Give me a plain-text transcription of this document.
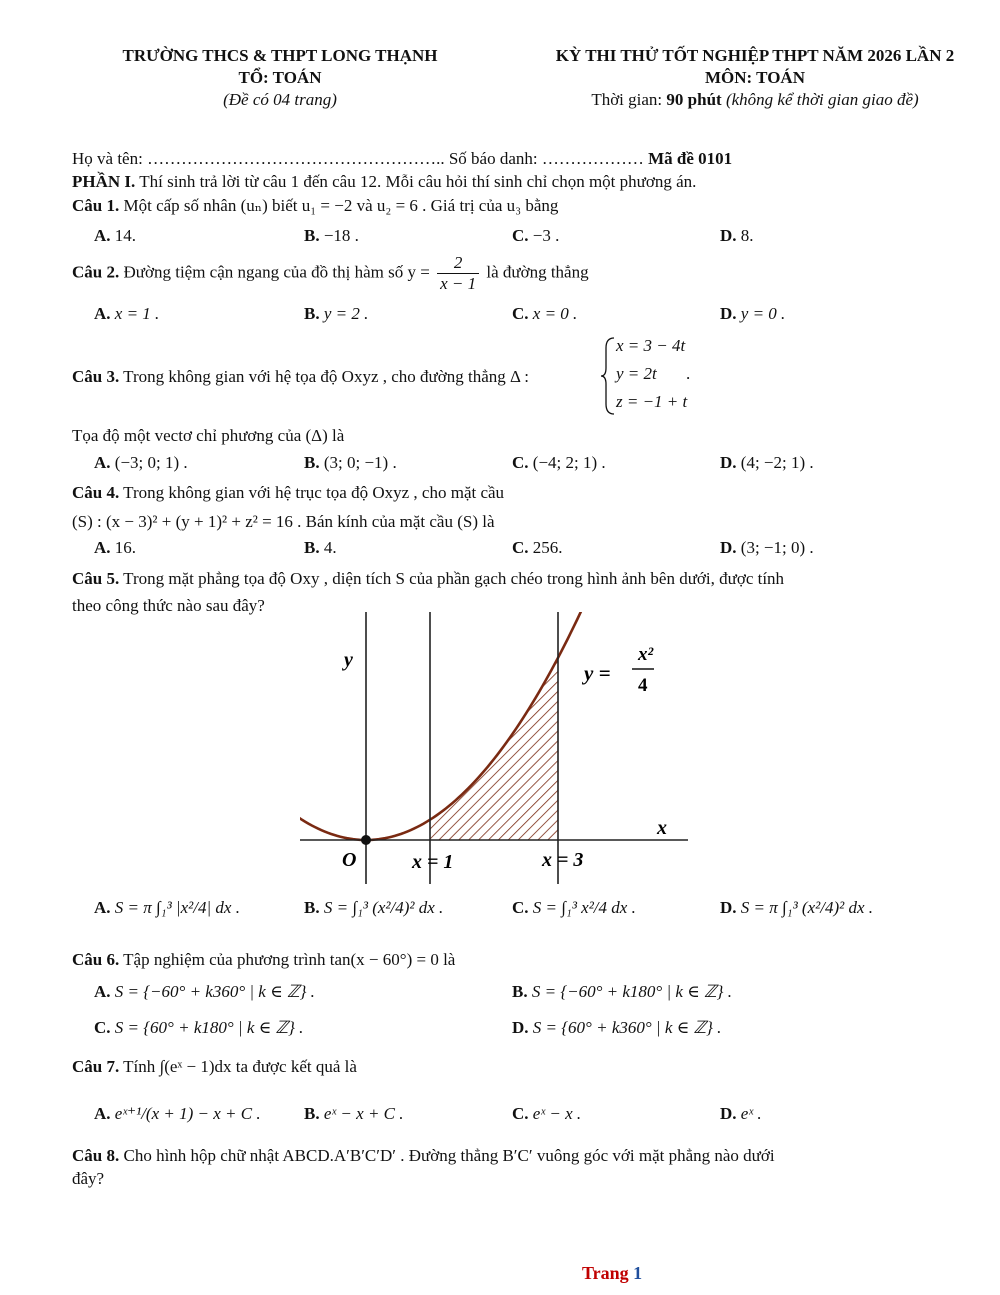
TRƯỜNG THCS & THPT LONG THẠNH
TỔ: TOÁN
(Đề có 04 trang)
KỲ THI THỬ TỐT NGHIỆP THPT NĂM 2026 LẦN 2
MÔN: TOÁN
Thời gian: 90 phút (không kể thời gian giao đề)
Họ và tên: …………………………………………….. Số báo danh: ……………… Mã đề 0101
PHẦN I. Thí sinh trả lời từ câu 1 đến câu 12. Mỗi câu hỏi thí sinh chỉ chọn một phương án.
Câu 1. Một cấp số nhân (uₙ) biết u₁ = −2 và u₂ = 6 . Giá trị của u₃ bằng
A. 14.	B. −18 .	C. −3 .	D. 8.
Câu 2. Đường tiệm cận ngang của đồ thị hàm số $y = \frac{2}{x - 1}$ là đường thẳng
A. x = 1 .	B. y = 2 .	C. x = 0 .	D. y = 0 .
Câu 3. Trong không gian với hệ tọa độ Oxyz , cho đường thẳng Δ :
x = 3 − 4t
y = 2t
z = −1 + t
.
Tọa độ một vectơ chỉ phương của (Δ) là
A. (−3; 0; 1) .	B. (3; 0; −1) .	C. (−4; 2; 1) .	D. (4; −2; 1) .
Câu 4. Trong không gian với hệ trục tọa độ Oxyz , cho mặt cầu
(S) : (x − 3)² + (y + 1)² + z² = 16 . Bán kính của mặt cầu (S) là
A. 16.	B. 4.	C. 256.	D. (3; −1; 0) .
Câu 5. Trong mặt phẳng tọa độ Oxy , diện tích S của phần gạch chéo trong hình ảnh bên dưới, được tính
theo công thức nào sau đây?
y
x
O	x = 1	x = 3
y =
x²
4
A. S = π ∫₁³ |x²/4| dx .	B. S = ∫₁³ (x²/4)² dx .	C. S = ∫₁³ x²/4 dx .	D. S = π ∫₁³ (x²/4)² dx .
Câu 6. Tập nghiệm của phương trình tan(x − 60°) = 0 là
A. S = {−60° + k360° | k ∈ ℤ} .	B. S = {−60° + k180° | k ∈ ℤ} .
C. S = {60° + k180° | k ∈ ℤ} .	D. S = {60° + k360° | k ∈ ℤ} .
Câu 7. Tính ∫(eˣ − 1)dx ta được kết quả là
A. eˣ⁺¹/(x + 1) − x + C .	B. eˣ − x + C .	C. eˣ − x .	D. eˣ .
Câu 8. Cho hình hộp chữ nhật ABCD.A′B′C′D′ . Đường thẳng B′C′ vuông góc với mặt phẳng nào dưới
đây?
Trang 1
